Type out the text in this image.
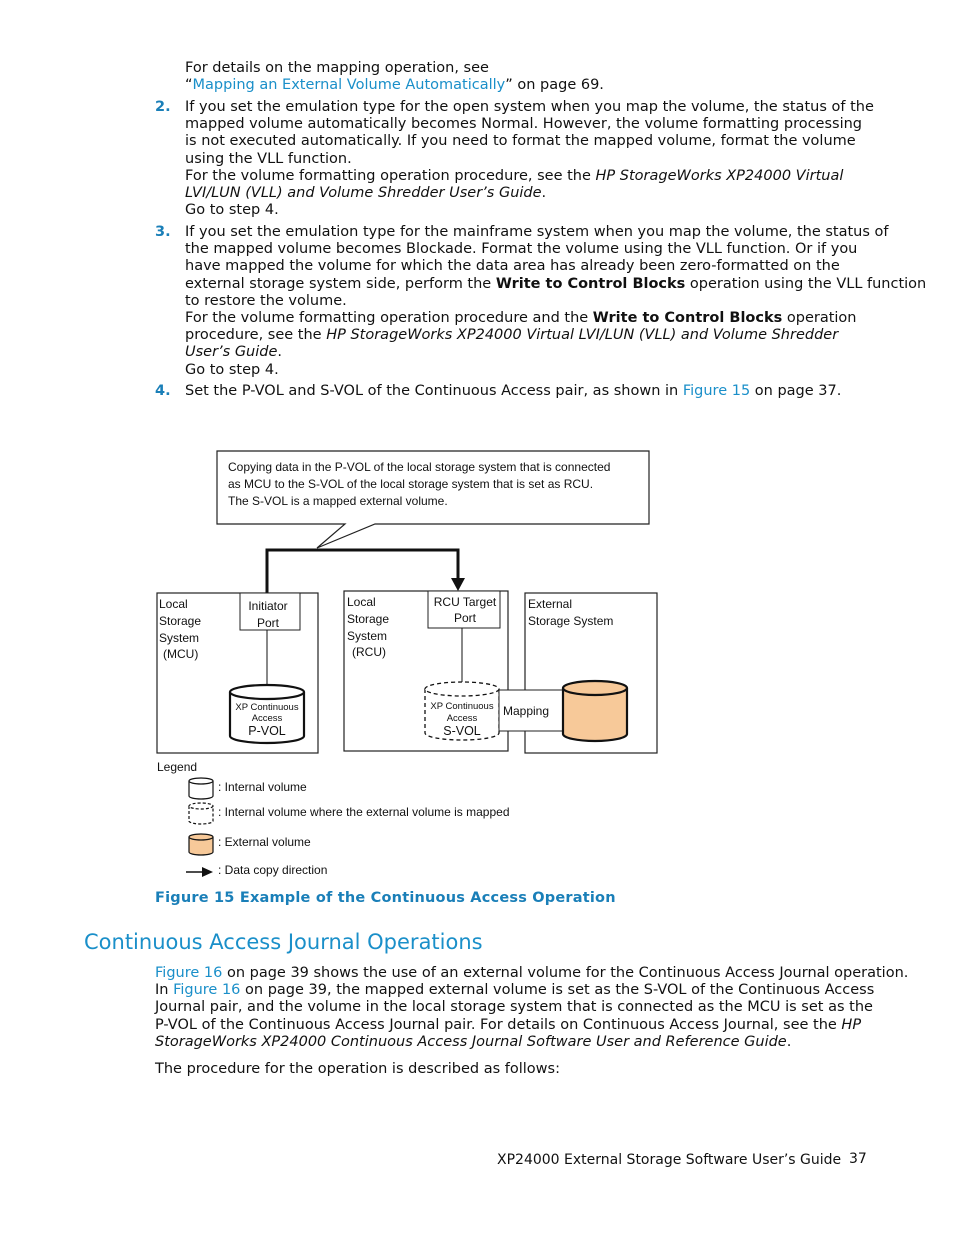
For details on the mapping operation, see
“Mapping an External Volume Automatically” on page 69.
2. If you set the emulation type for the open system when you map the volume, the status of the
mapped volume automatically becomes Normal. However, the volume formatting processing
is not executed automatically. If you need to format the mapped volume, format the volume
using the VLL function.
For the volume formatting operation procedure, see the HP StorageWorks XP24000 Virtual
LVI/LUN (VLL) and Volume Shredder User’s Guide.
Go to step 4.
3. If you set the emulation type for the mainframe system when you map the volume, the status of
the mapped volume becomes Blockade. Format the volume using the VLL function. Or if you
have mapped the volume for which the data area has already been zero-formatted on the
external storage system side, perform the Write to Control Blocks operation using the VLL function
to restore the volume.
For the volume formatting operation procedure and the Write to Control Blocks operation
procedure, see the HP StorageWorks XP24000 Virtual LVI/LUN (VLL) and Volume Shredder
User’s Guide.
Go to step 4.
4. Set the P-VOL and S-VOL of the Continuous Access pair, as shown in Figure 15 on page 37.
Copying data in the P-VOL of the local storage system that is connected
as MCU to the S-VOL of the local storage system that is set as RCU.
The S-VOL is a mapped external volume.
Local
Storage
System
(MCU)
Initiator
Port
XP Continuous
Access
P-VOL
Local
Storage
System
(RCU)
RCU Target
Port
XP Continuous
Access
S-VOL
External
Storage System
Mapping
Legend
: Internal volume
: Internal volume where the external volume is mapped
: External volume
: Data copy direction
Figure 15 Example of the Continuous Access Operation
Continuous Access Journal Operations
Figure 16 on page 39 shows the use of an external volume for the Continuous Access Journal operation.
In Figure 16 on page 39, the mapped external volume is set as the S-VOL of the Continuous Access
Journal pair, and the volume in the local storage system that is connected as the MCU is set as the
P-VOL of the Continuous Access Journal pair. For details on Continuous Access Journal, see the HP
StorageWorks XP24000 Continuous Access Journal Software User and Reference Guide.
The procedure for the operation is described as follows:
XP24000 External Storage Software User’s Guide 37
